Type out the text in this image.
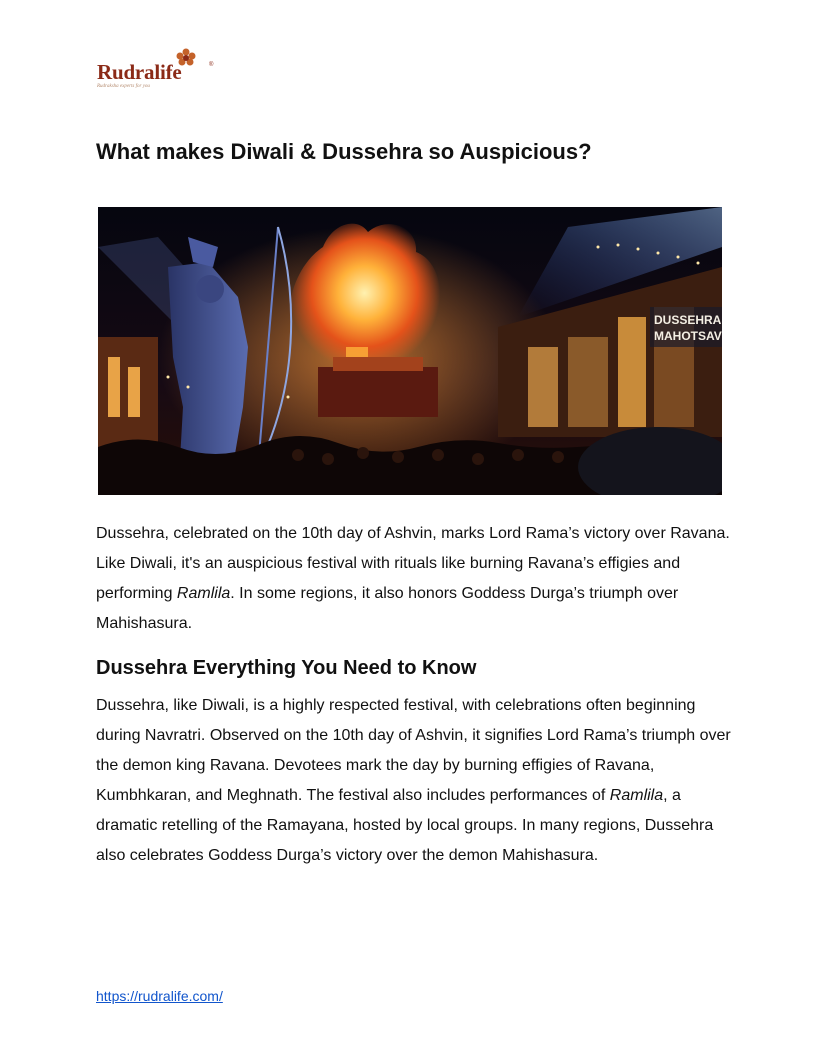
Rudralife	®
Rudraksha experts for you
What makes Diwali & Dussehra so Auspicious?
DUSSEHRA
MAHOTSAV

Dussehra, celebrated on the 10th day of Ashvin, marks Lord Rama’s victory over Ravana. Like Diwali, it's an auspicious festival with rituals like burning Ravana’s effigies and performing Ramlila. In some regions, it also honors Goddess Durga’s triumph over Mahishasura.

Dussehra Everything You Need to Know

Dussehra, like Diwali, is a highly respected festival, with celebrations often beginning during Navratri. Observed on the 10th day of Ashvin, it signifies Lord Rama’s triumph over the demon king Ravana. Devotees mark the day by burning effigies of Ravana, Kumbhkaran, and Meghnath. The festival also includes performances of Ramlila, a dramatic retelling of the Ramayana, hosted by local groups. In many regions, Dussehra also celebrates Goddess Durga’s victory over the demon Mahishasura.

https://rudralife.com/
